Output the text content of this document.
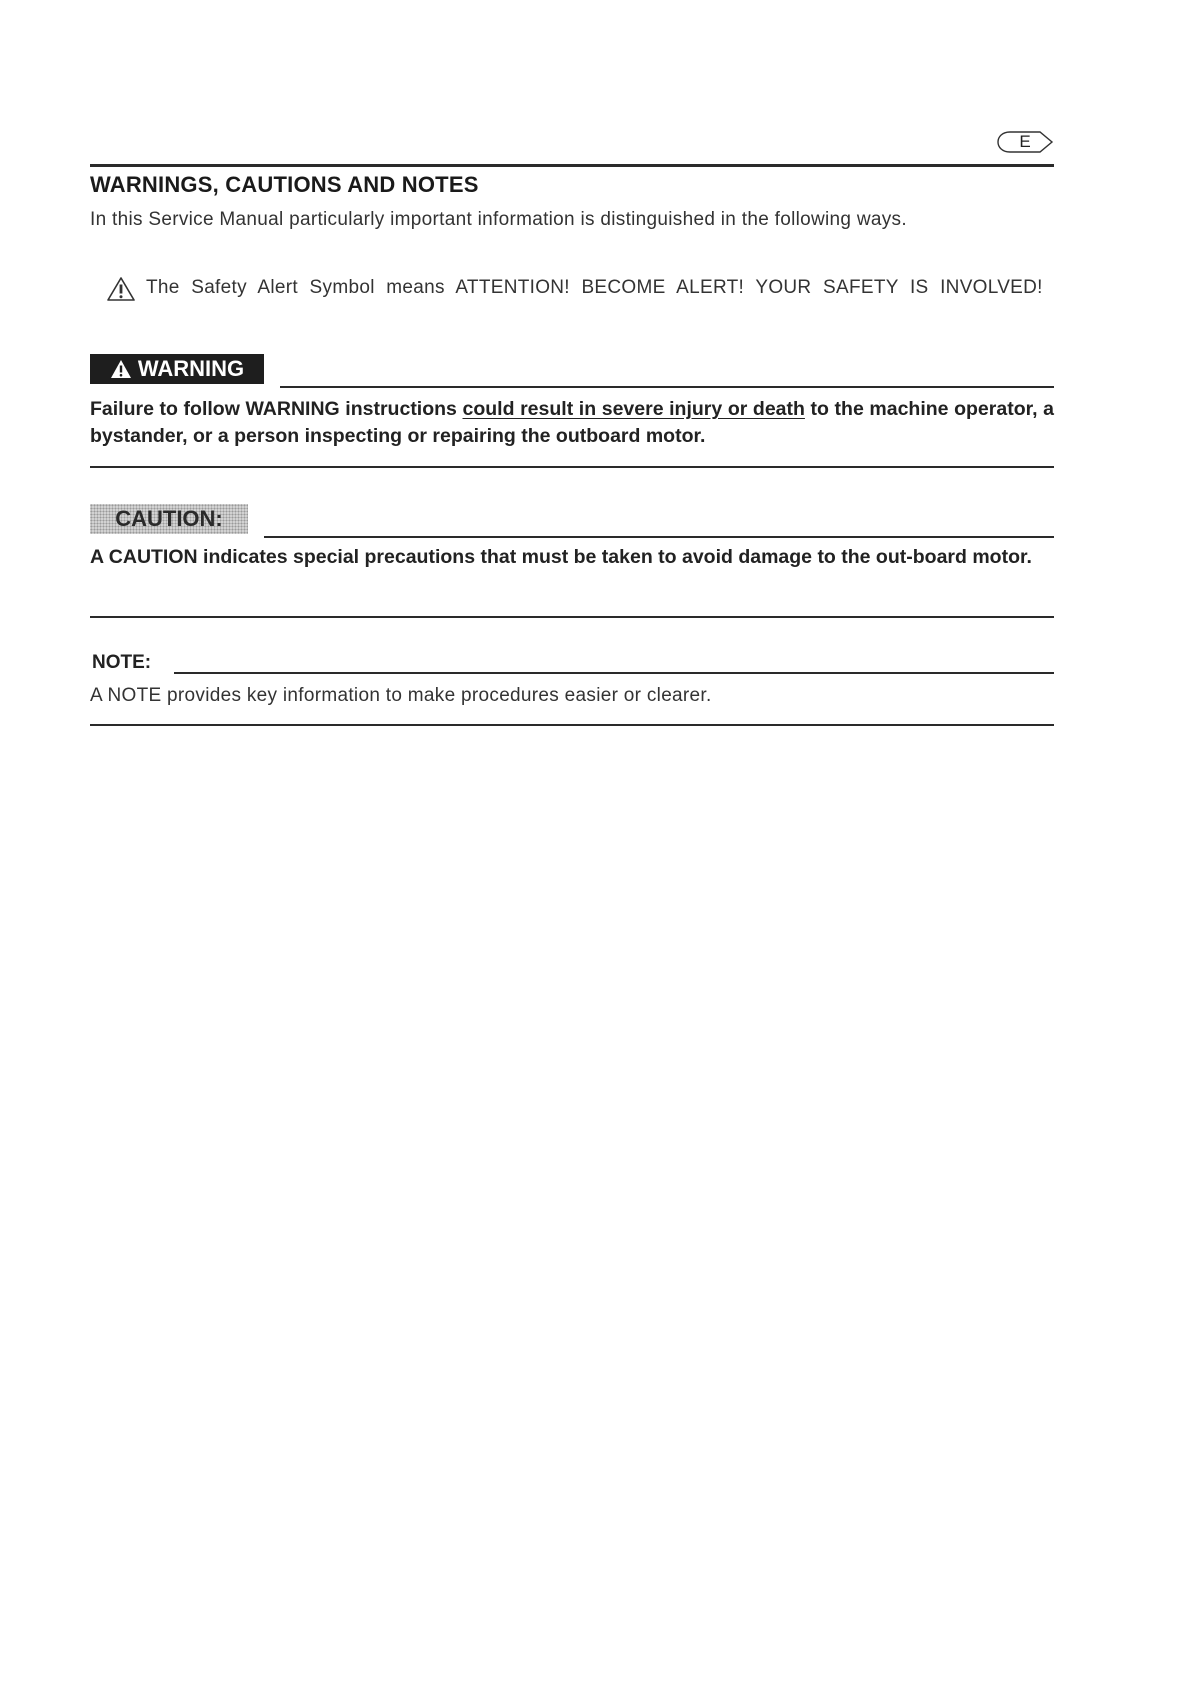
E
WARNINGS, CAUTIONS AND NOTES
In this Service Manual particularly important information is distinguished in the following ways.
The Safety Alert Symbol means ATTENTION! BECOME ALERT! YOUR SAFETY IS INVOLVED!
WARNING
Failure to follow WARNING instructions could result in severe injury or death to the machine operator, a bystander, or a person inspecting or repairing the outboard motor.
CAUTION:
A CAUTION indicates special precautions that must be taken to avoid damage to the out-board motor.
NOTE:
A NOTE provides key information to make procedures easier or clearer.
